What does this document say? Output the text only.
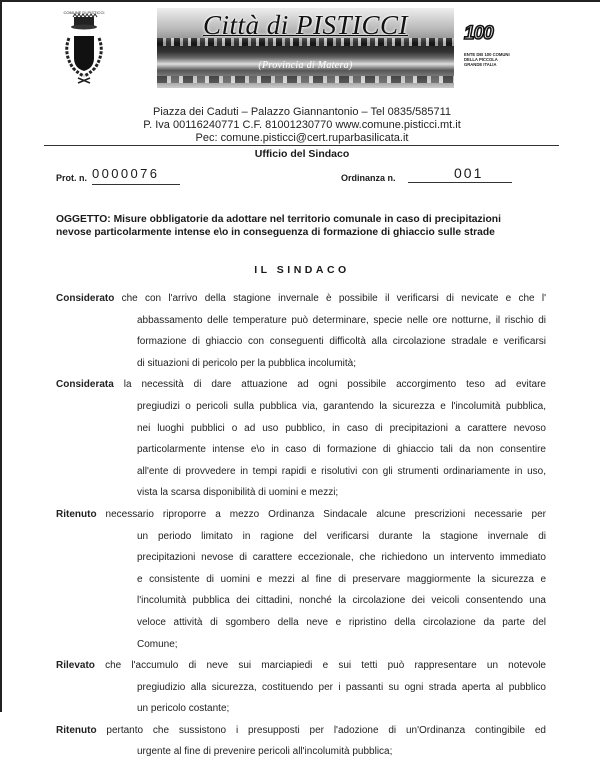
COMUNE DI PISTICCI	Città di PISTICCI
(Provincia di Matera)
100
ENTE DEI 100 COMUNI
DELLA PICCOLA
GRANDE ITALIA
Piazza dei Caduti – Palazzo Giannantonio – Tel 0835/585711
P. Iva 00116240771 C.F. 81001230770 www.comune.pisticci.mt.it
Pec: comune.pisticci@cert.ruparbasilicata.it
Ufficio del Sindaco
Prot. n. 0000076	Ordinanza n.	001
OGGETTO: Misure obbligatorie da adottare nel territorio comunale in caso di precipitazioni
nevose particolarmente intense e\o in conseguenza di formazione di ghiaccio sulle strade
IL SINDACO
Considerato che con l'arrivo della stagione invernale è possibile il verificarsi di nevicate e che l'
abbassamento delle temperature può determinare, specie nelle ore notturne, il rischio di
formazione di ghiaccio con conseguenti difficoltà alla circolazione stradale e verificarsi
di situazioni di pericolo per la pubblica incolumità;
Considerata la necessità di dare attuazione ad ogni possibile accorgimento teso ad evitare
pregiudizi o pericoli sulla pubblica via, garantendo la sicurezza e l'incolumità pubblica,
nei luoghi pubblici o ad uso pubblico, in caso di precipitazioni a carattere nevoso
particolarmente intense e\o in caso di formazione di ghiaccio tali da non consentire
all'ente di provvedere in tempi rapidi e risolutivi con gli strumenti ordinariamente in uso,
vista la scarsa disponibilità di uomini e mezzi;
Ritenuto necessario riproporre a mezzo Ordinanza Sindacale alcune prescrizioni necessarie per
un periodo limitato in ragione del verificarsi durante la stagione invernale di
precipitazioni nevose di carattere eccezionale, che richiedono un intervento immediato
e consistente di uomini e mezzi al fine di preservare maggiormente la sicurezza e
l'incolumità pubblica dei cittadini, nonché la circolazione dei veicoli consentendo una
veloce attività di sgombero della neve e ripristino della circolazione da parte del
Comune;
Rilevato che l'accumulo di neve sui marciapiedi e sui tetti può rappresentare un notevole
pregiudizio alla sicurezza, costituendo per i passanti su ogni strada aperta al pubblico
un pericolo costante;
Ritenuto pertanto che sussistono i presupposti per l'adozione di un'Ordinanza contingibile ed
urgente al fine di prevenire pericoli all'incolumità pubblica;
